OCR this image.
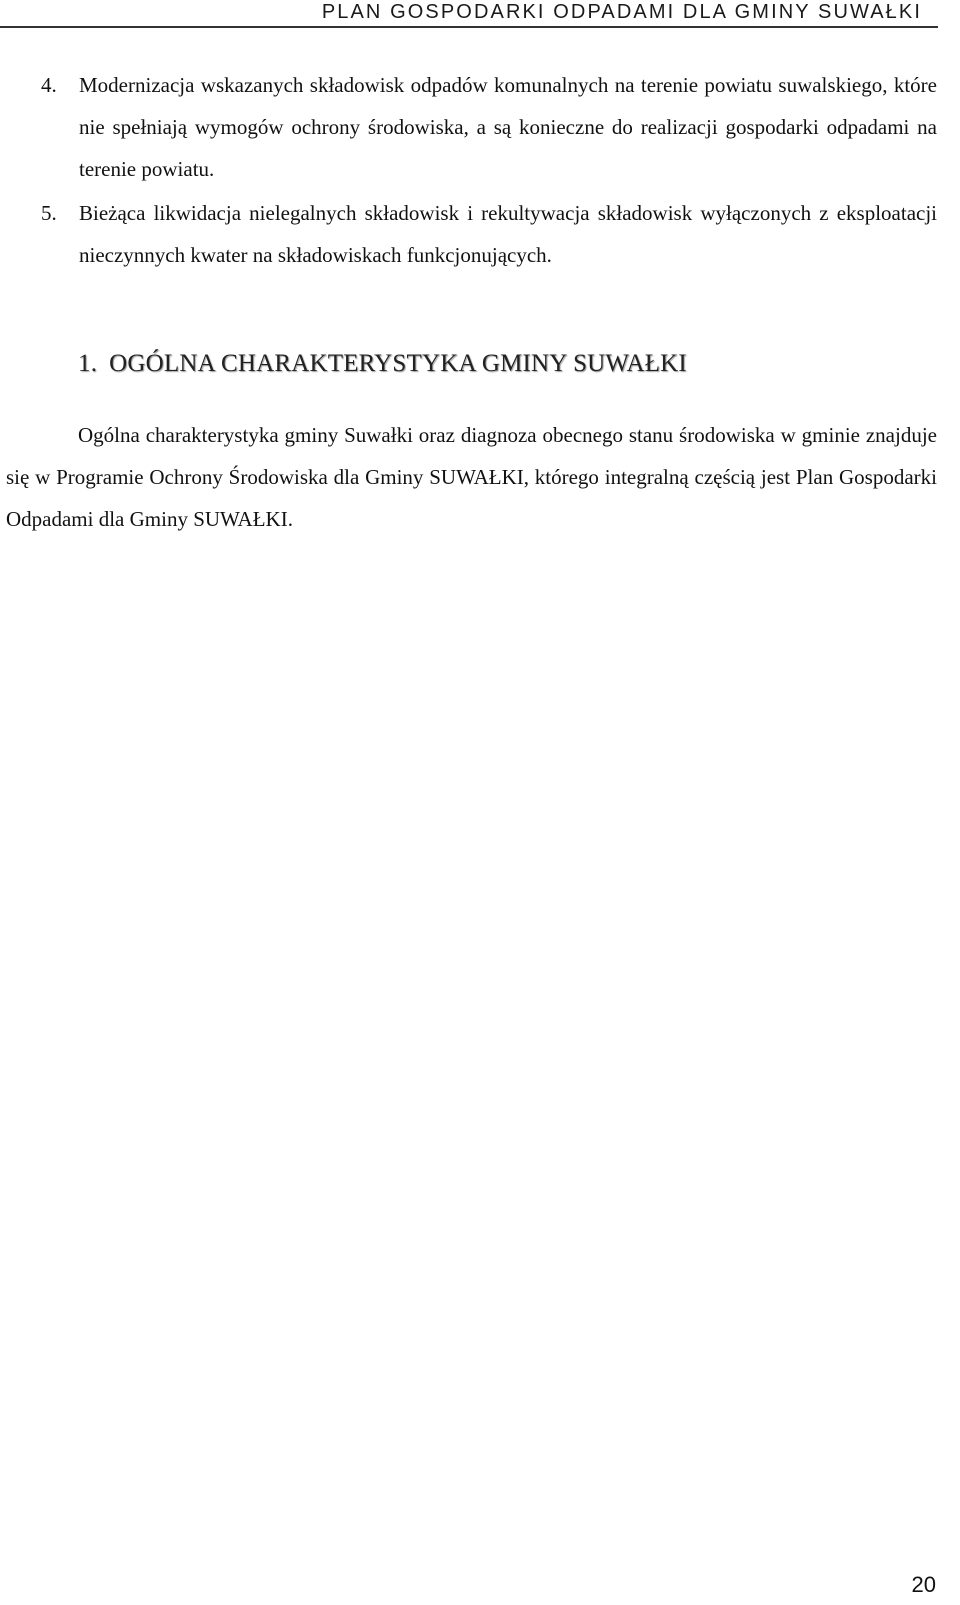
PLAN GOSPODARKI ODPADAMI DLA GMINY SUWAŁKI
4. Modernizacja wskazanych składowisk odpadów komunalnych na terenie powiatu suwalskiego, które nie spełniają wymogów ochrony środowiska, a są konieczne do realizacji gospodarki odpadami na terenie powiatu.
5. Bieżąca likwidacja nielegalnych składowisk i rekultywacja składowisk wyłączonych z eksploatacji nieczynnych kwater na składowiskach funkcjonujących.
1. OGÓLNA CHARAKTERYSTYKA GMINY SUWAŁKI
Ogólna charakterystyka gminy Suwałki oraz diagnoza obecnego stanu środowiska w gminie znajduje się w Programie Ochrony Środowiska dla Gminy SUWAŁKI, którego integralną częścią jest Plan Gospodarki Odpadami dla Gminy SUWAŁKI.
20
